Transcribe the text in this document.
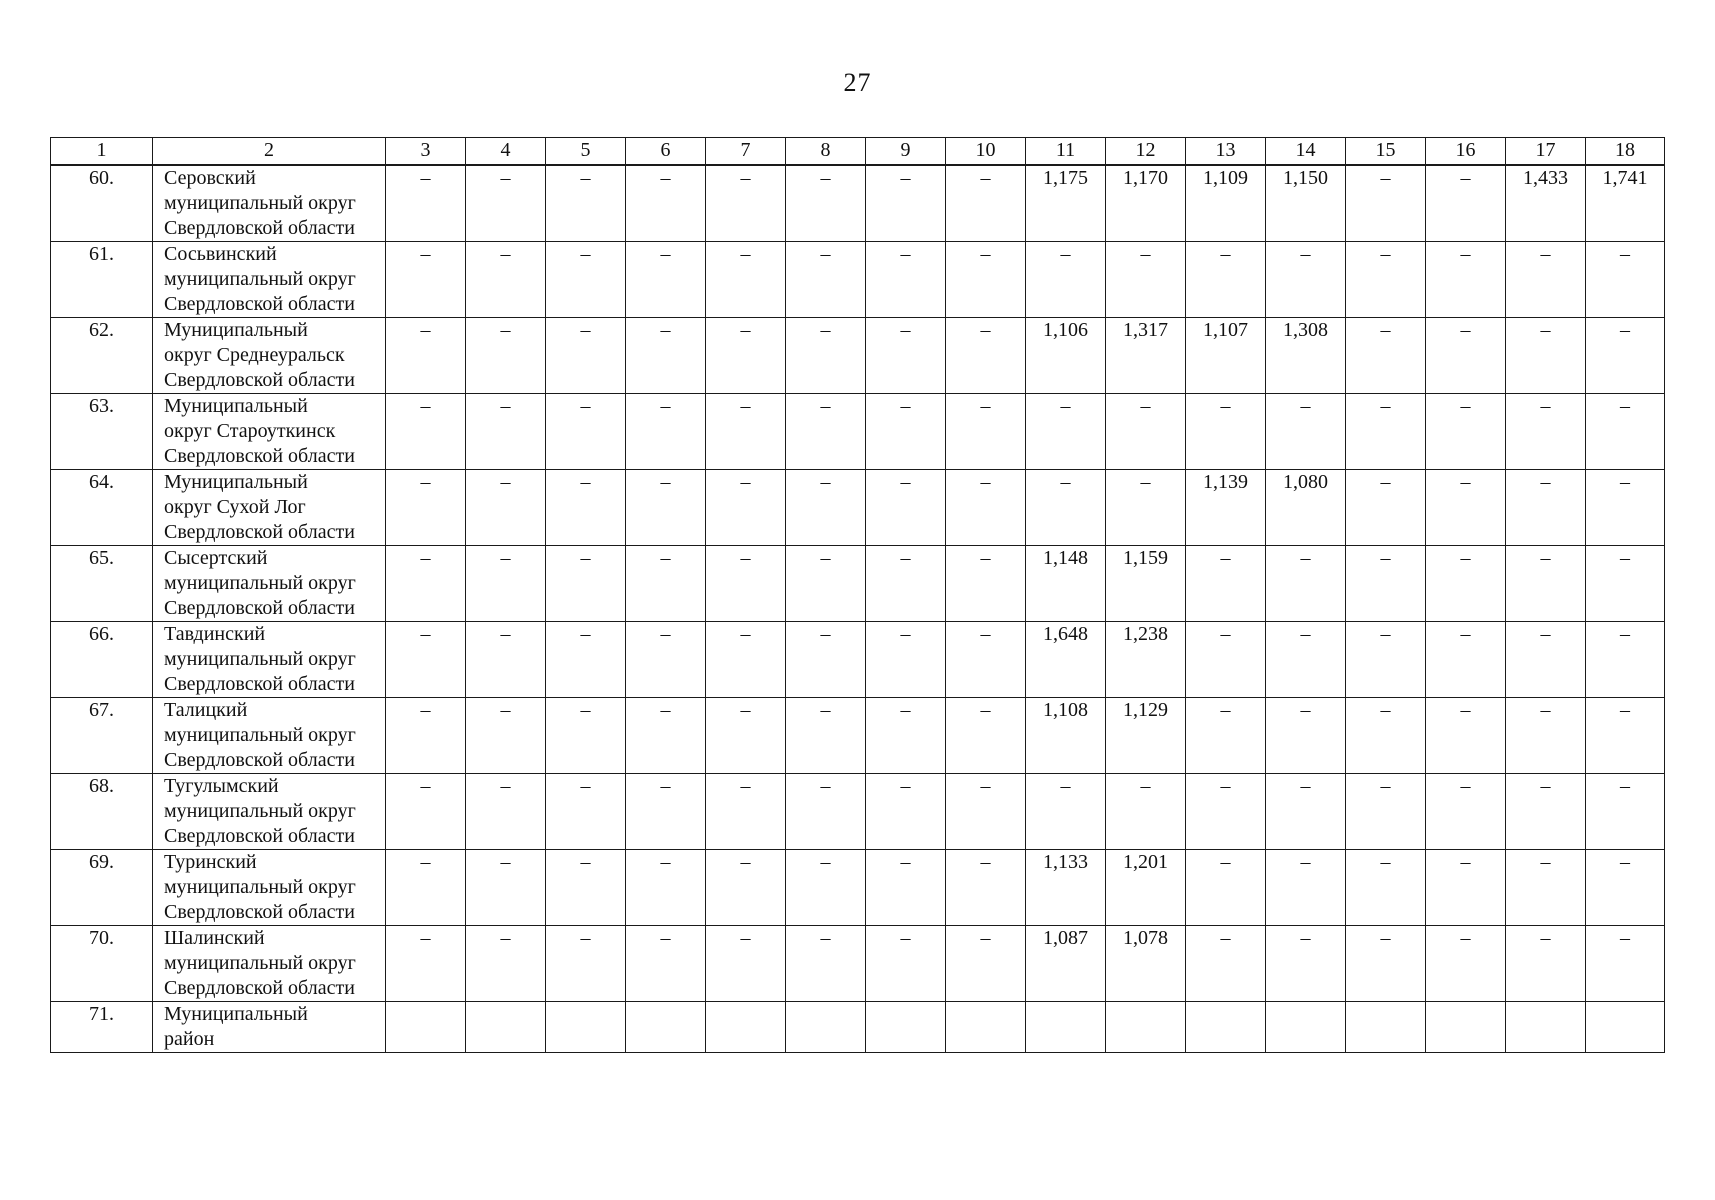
27
1	2	3	4	5	6	7	8	9	10	11	12	13	14	15	16	17	18
60.	Серовский
муниципальный округ
Свердловской области	–	–	–	–	–	–	–	–	1,175	1,170	1,109	1,150	–	–	1,433	1,741
61.	Сосьвинский
муниципальный округ
Свердловской области	–	–	–	–	–	–	–	–	–	–	–	–	–	–	–	–
62.	Муниципальный
округ Среднеуральск
Свердловской области	–	–	–	–	–	–	–	–	1,106	1,317	1,107	1,308	–	–	–	–
63.	Муниципальный
округ Староуткинск
Свердловской области	–	–	–	–	–	–	–	–	–	–	–	–	–	–	–	–
64.	Муниципальный
округ Сухой Лог
Свердловской области	–	–	–	–	–	–	–	–	–	–	1,139	1,080	–	–	–	–
65.	Сысертский
муниципальный округ
Свердловской области	–	–	–	–	–	–	–	–	1,148	1,159	–	–	–	–	–	–
66.	Тавдинский
муниципальный округ
Свердловской области	–	–	–	–	–	–	–	–	1,648	1,238	–	–	–	–	–	–
67.	Талицкий
муниципальный округ
Свердловской области	–	–	–	–	–	–	–	–	1,108	1,129	–	–	–	–	–	–
68.	Тугулымский
муниципальный округ
Свердловской области	–	–	–	–	–	–	–	–	–	–	–	–	–	–	–	–
69.	Туринский
муниципальный округ
Свердловской области	–	–	–	–	–	–	–	–	1,133	1,201	–	–	–	–	–	–
70.	Шалинский
муниципальный округ
Свердловской области	–	–	–	–	–	–	–	–	1,087	1,078	–	–	–	–	–	–
71.	Муниципальный
район																
